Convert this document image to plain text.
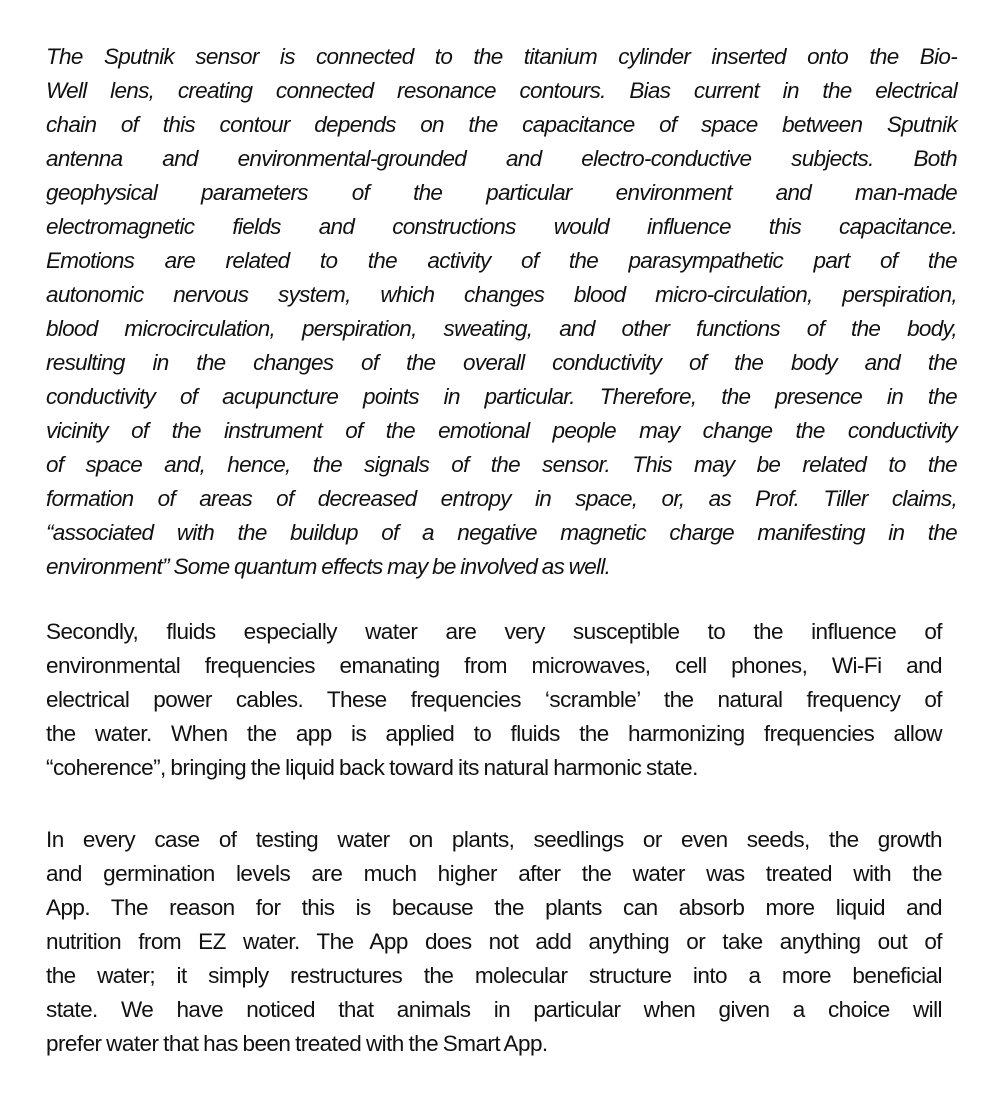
The Sputnik sensor is connected to the titanium cylinder inserted onto the Bio-
Well lens, creating connected resonance contours. Bias current in the electrical
chain of this contour depends on the capacitance of space between Sputnik
antenna and environmental-grounded and electro-conductive subjects. Both
geophysical parameters of the particular environment and man-made
electromagnetic fields and constructions would influence this capacitance.
Emotions are related to the activity of the parasympathetic part of the
autonomic nervous system, which changes blood micro-circulation, perspiration,
blood microcirculation, perspiration, sweating, and other functions of the body,
resulting in the changes of the overall conductivity of the body and the
conductivity of acupuncture points in particular. Therefore, the presence in the
vicinity of the instrument of the emotional people may change the conductivity
of space and, hence, the signals of the sensor. This may be related to the
formation of areas of decreased entropy in space, or, as Prof. Tiller claims,
“associated with the buildup of a negative magnetic charge manifesting in the
environment” Some quantum effects may be involved as well.
Secondly, fluids especially water are very susceptible to the influence of
environmental frequencies emanating from microwaves, cell phones, Wi-Fi and
electrical power cables. These frequencies ‘scramble’ the natural frequency of
the water. When the app is applied to fluids the harmonizing frequencies allow
“coherence”, bringing the liquid back toward its natural harmonic state.
In every case of testing water on plants, seedlings or even seeds, the growth
and germination levels are much higher after the water was treated with the
App. The reason for this is because the plants can absorb more liquid and
nutrition from EZ water. The App does not add anything or take anything out of
the water; it simply restructures the molecular structure into a more beneficial
state. We have noticed that animals in particular when given a choice will
prefer water that has been treated with the Smart App.
